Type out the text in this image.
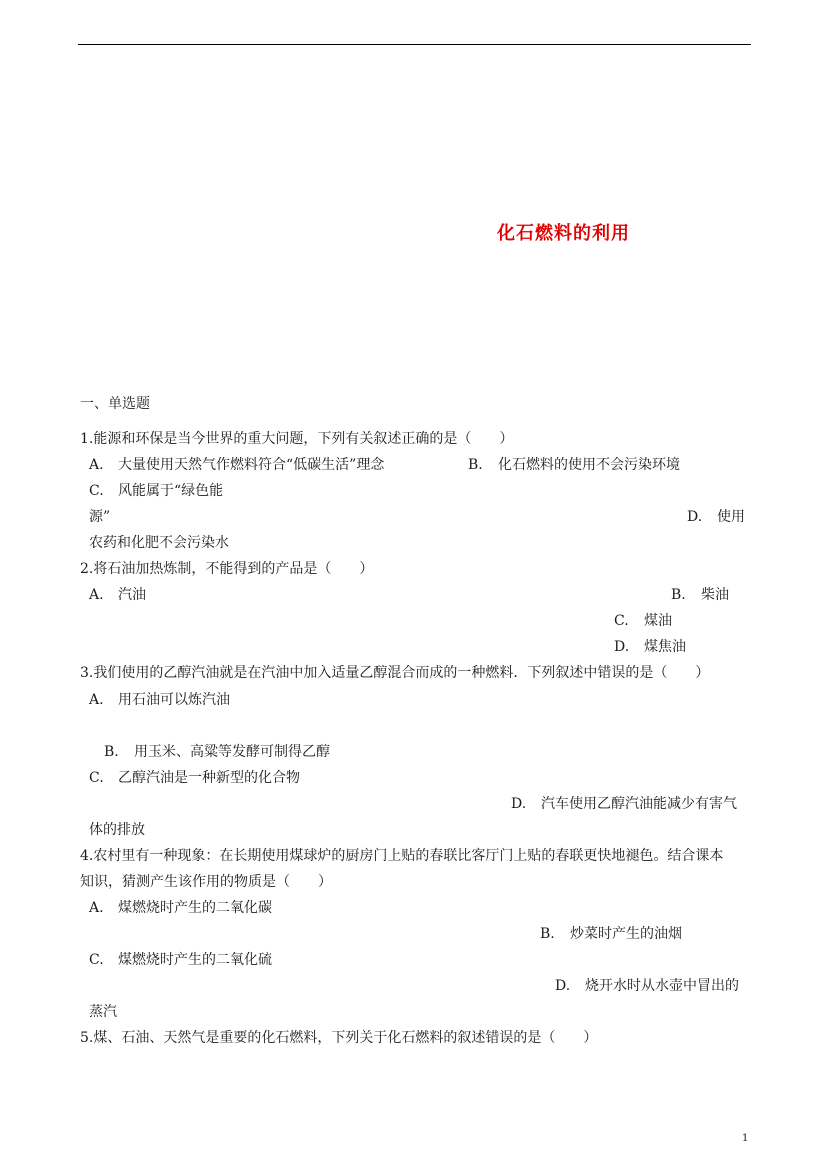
化石燃料的利用
一、单选题
1.能源和环保是当今世界的重大问题，下列有关叙述正确的是（　　）
A. 大量使用天然气作燃料符合“低碳生活”理念	B. 化石燃料的使用不会污染环境
C. 风能属于“绿色能
源”	D. 使用
农药和化肥不会污染水
2.将石油加热炼制，不能得到的产品是（　　）
A. 汽油	B. 柴油
C. 煤油
D. 煤焦油
3.我们使用的乙醇汽油就是在汽油中加入适量乙醇混合而成的一种燃料．下列叙述中错误的是（　　）
A. 用石油可以炼汽油
B. 用玉米、高粱等发酵可制得乙醇
C. 乙醇汽油是一种新型的化合物
D. 汽车使用乙醇汽油能减少有害气
体的排放
4.农村里有一种现象：在长期使用煤球炉的厨房门上贴的春联比客厅门上贴的春联更快地褪色。结合课本
知识，猜测产生该作用的物质是（　　）
A. 煤燃烧时产生的二氧化碳
B. 炒菜时产生的油烟
C. 煤燃烧时产生的二氧化硫
D. 烧开水时从水壶中冒出的
蒸汽
5.煤、石油、天然气是重要的化石燃料，下列关于化石燃料的叙述错误的是（　　）
1
